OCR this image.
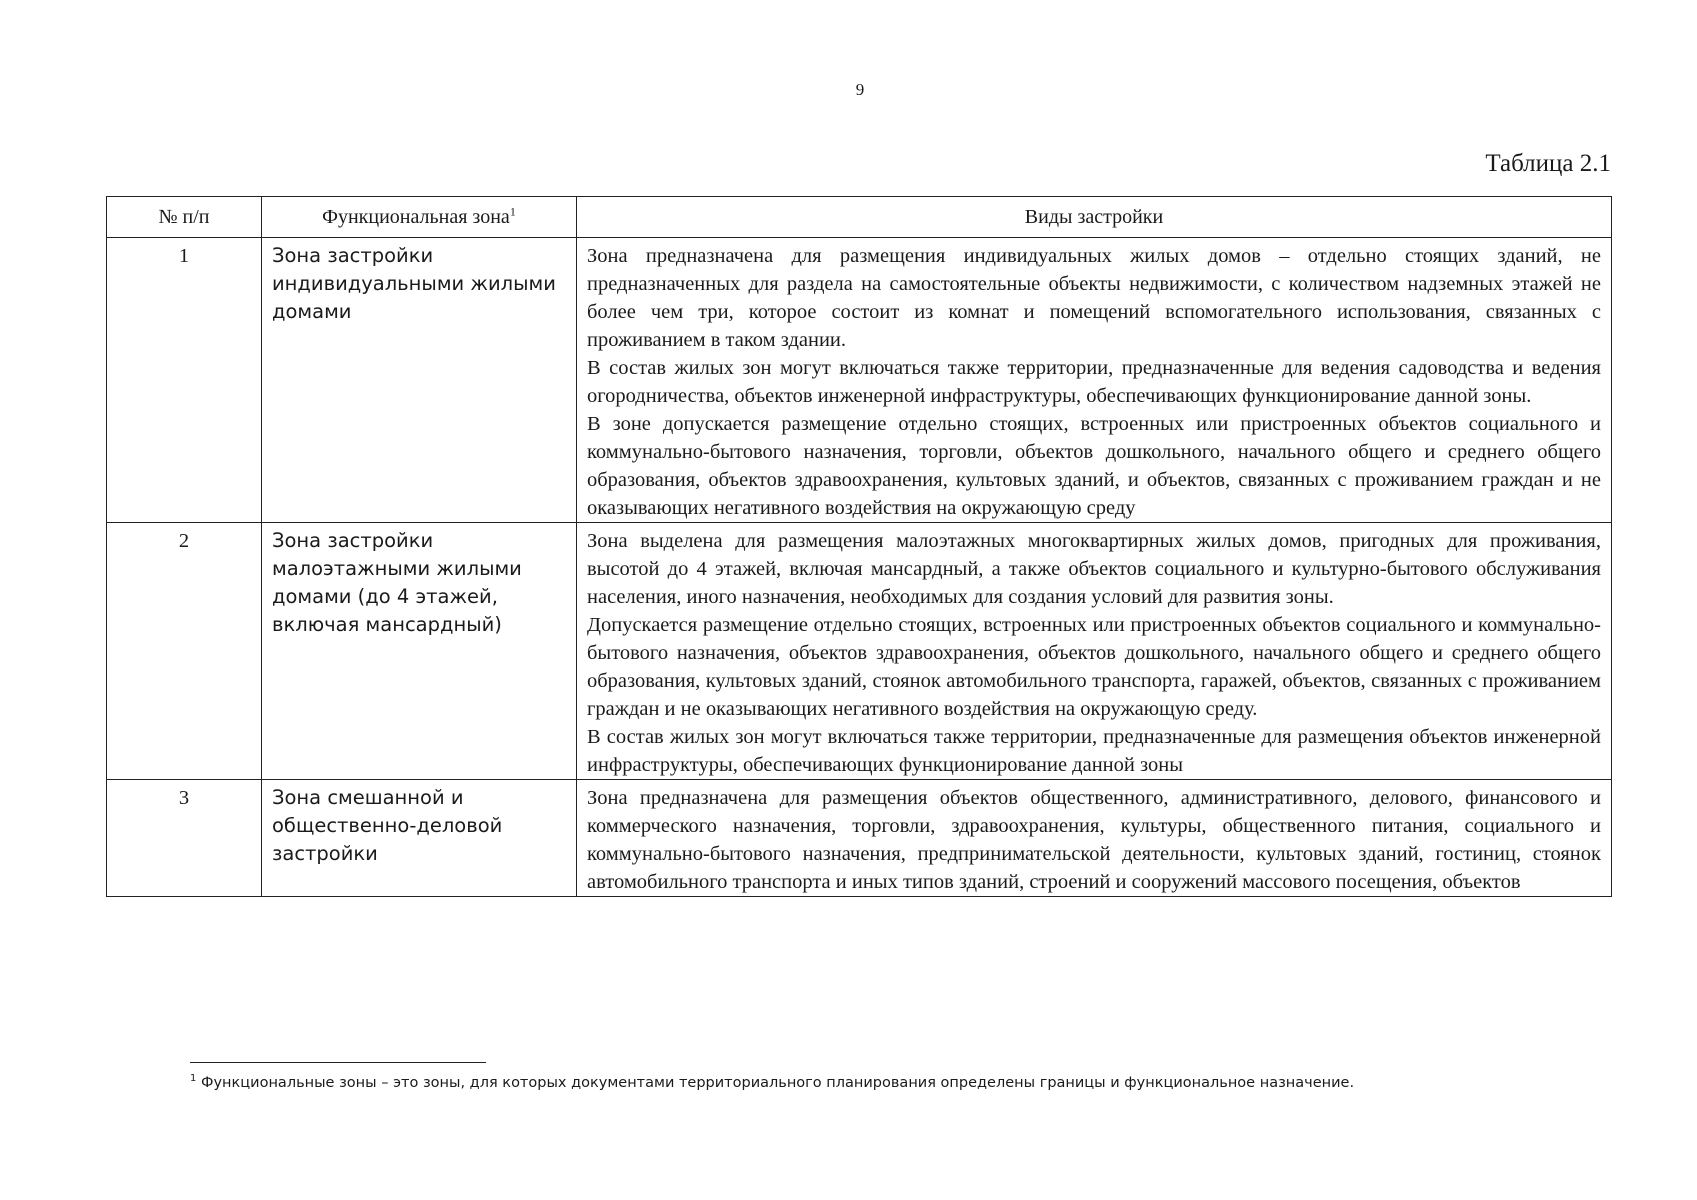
9
Таблица 2.1
№ п/п	Функциональная зона$^1$	Виды застройки
1	Зона застройки индивидуальными жилыми домами	Зона предназначена для размещения индивидуальных жилых домов – отдельно стоящих зданий, не предназначенных для раздела на самостоятельные объекты недвижимости, с количеством надземных этажей не более чем три, которое состоит из комнат и помещений вспомогательного использования, связанных с проживанием в таком здании.

В состав жилых зон могут включаться также территории, предназначенные для ведения садоводства и ведения огородничества, объектов инженерной инфраструктуры, обеспечивающих функционирование данной зоны.

В зоне допускается размещение отдельно стоящих, встроенных или пристроенных объектов социального и коммунально-бытового назначения, торговли, объектов дошкольного, начального общего и среднего общего образования, объектов здравоохранения, культовых зданий, и объектов, связанных с проживанием граждан и не оказывающих негативного воздействия на окружающую среду

2	Зона застройки малоэтажными жилыми домами (до 4 этажей, включая мансардный)	Зона выделена для размещения малоэтажных многоквартирных жилых домов, пригодных для проживания, высотой до 4 этажей, включая мансардный, а также объектов социального и культурно-бытового обслуживания населения, иного назначения, необходимых для создания условий для развития зоны.

Допускается размещение отдельно стоящих, встроенных или пристроенных объектов социального и коммунально-бытового назначения, объектов здравоохранения, объектов дошкольного, начального общего и среднего общего образования, культовых зданий, стоянок автомобильного транспорта, гаражей, объектов, связанных с проживанием граждан и не оказывающих негативного воздействия на окружающую среду.

В состав жилых зон могут включаться также территории, предназначенные для размещения объектов инженерной инфраструктуры, обеспечивающих функционирование данной зоны

3	Зона смешанной и общественно-деловой застройки	Зона предназначена для размещения объектов общественного, административного, делового, финансового и коммерческого назначения, торговли, здравоохранения, культуры, общественного питания, социального и коммунально-бытового назначения, предпринимательской деятельности, культовых зданий, гостиниц, стоянок автомобильного транспорта и иных типов зданий, строений и сооружений массового посещения, объектов

$^1$ Функциональные зоны – это зоны, для которых документами территориального планирования определены границы и функциональное назначение.
